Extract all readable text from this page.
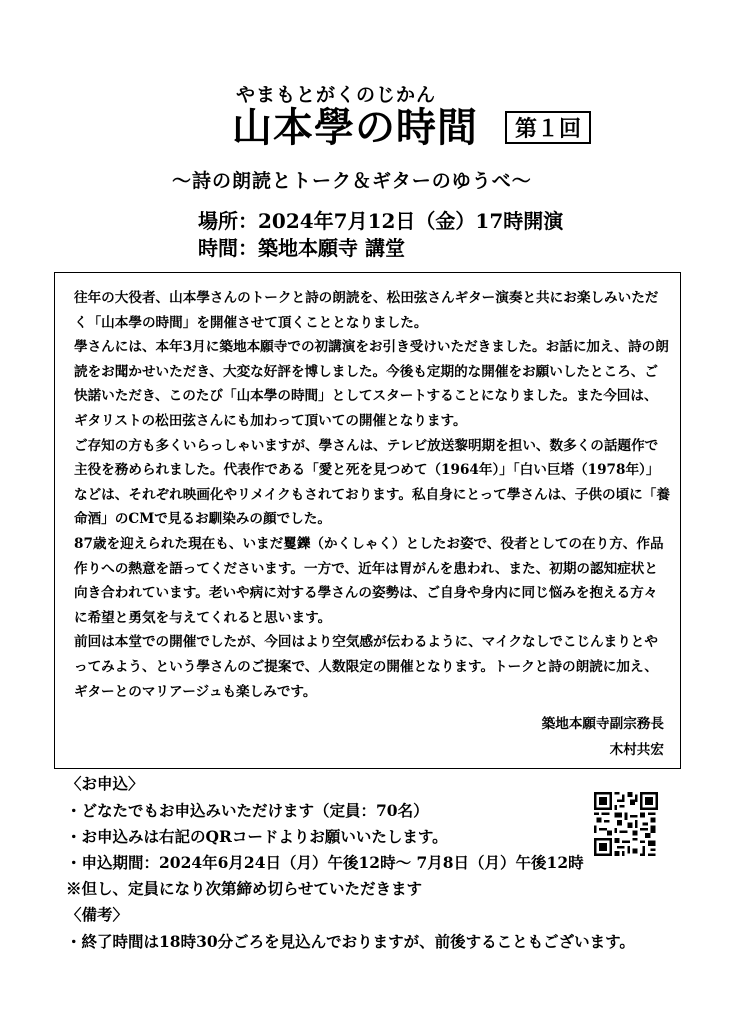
やまもとがくのじかん
山本學の時間	第１回
〜詩の朗読とトーク＆ギターのゆうべ〜
場所：2024年7月12日（金）17時開演
時間：築地本願寺 講堂

往年の大役者、山本學さんのトークと詩の朗読を、松田弦さんギター演奏と共にお楽しみいただく「山本學の時間」を開催させて頂くこととなりました。

學さんには、本年3月に築地本願寺での初講演をお引き受けいただきました。お話に加え、詩の朗読をお聞かせいただき、大変な好評を博しました。今後も定期的な開催をお願いしたところ、ご快諾いただき、このたび「山本學の時間」としてスタートすることになりました。また今回は、ギタリストの松田弦さんにも加わって頂いての開催となります。

ご存知の方も多くいらっしゃいますが、學さんは、テレビ放送黎明期を担い、数多くの話題作で主役を務められました。代表作である「愛と死を見つめて（1964年）」「白い巨塔（1978年）」などは、それぞれ映画化やリメイクもされております。私自身にとって學さんは、子供の頃に「養命酒」のCMで見るお馴染みの顔でした。

87歳を迎えられた現在も、いまだ矍鑠（かくしゃく）としたお姿で、役者としての在り方、作品作りへの熱意を語ってくださいます。一方で、近年は胃がんを患われ、また、初期の認知症状と向き合われています。老いや病に対する學さんの姿勢は、ご自身や身内に同じ悩みを抱える方々に希望と勇気を与えてくれると思います。

前回は本堂での開催でしたが、今回はより空気感が伝わるように、マイクなしでこじんまりとやってみよう、という學さんのご提案で、人数限定の開催となります。トークと詩の朗読に加え、ギターとのマリアージュも楽しみです。

築地本願寺副宗務長
木村共宏
〈お申込〉
・どなたでもお申込みいただけます（定員：70名）
・お申込みは右記のQRコードよりお願いいたします。
・申込期間：2024年6月24日（月）午後12時〜 7月8日（月）午後12時
※但し、定員になり次第締め切らせていただきます
〈備考〉
・終了時間は18時30分ごろを見込んでおりますが、前後することもございます。
